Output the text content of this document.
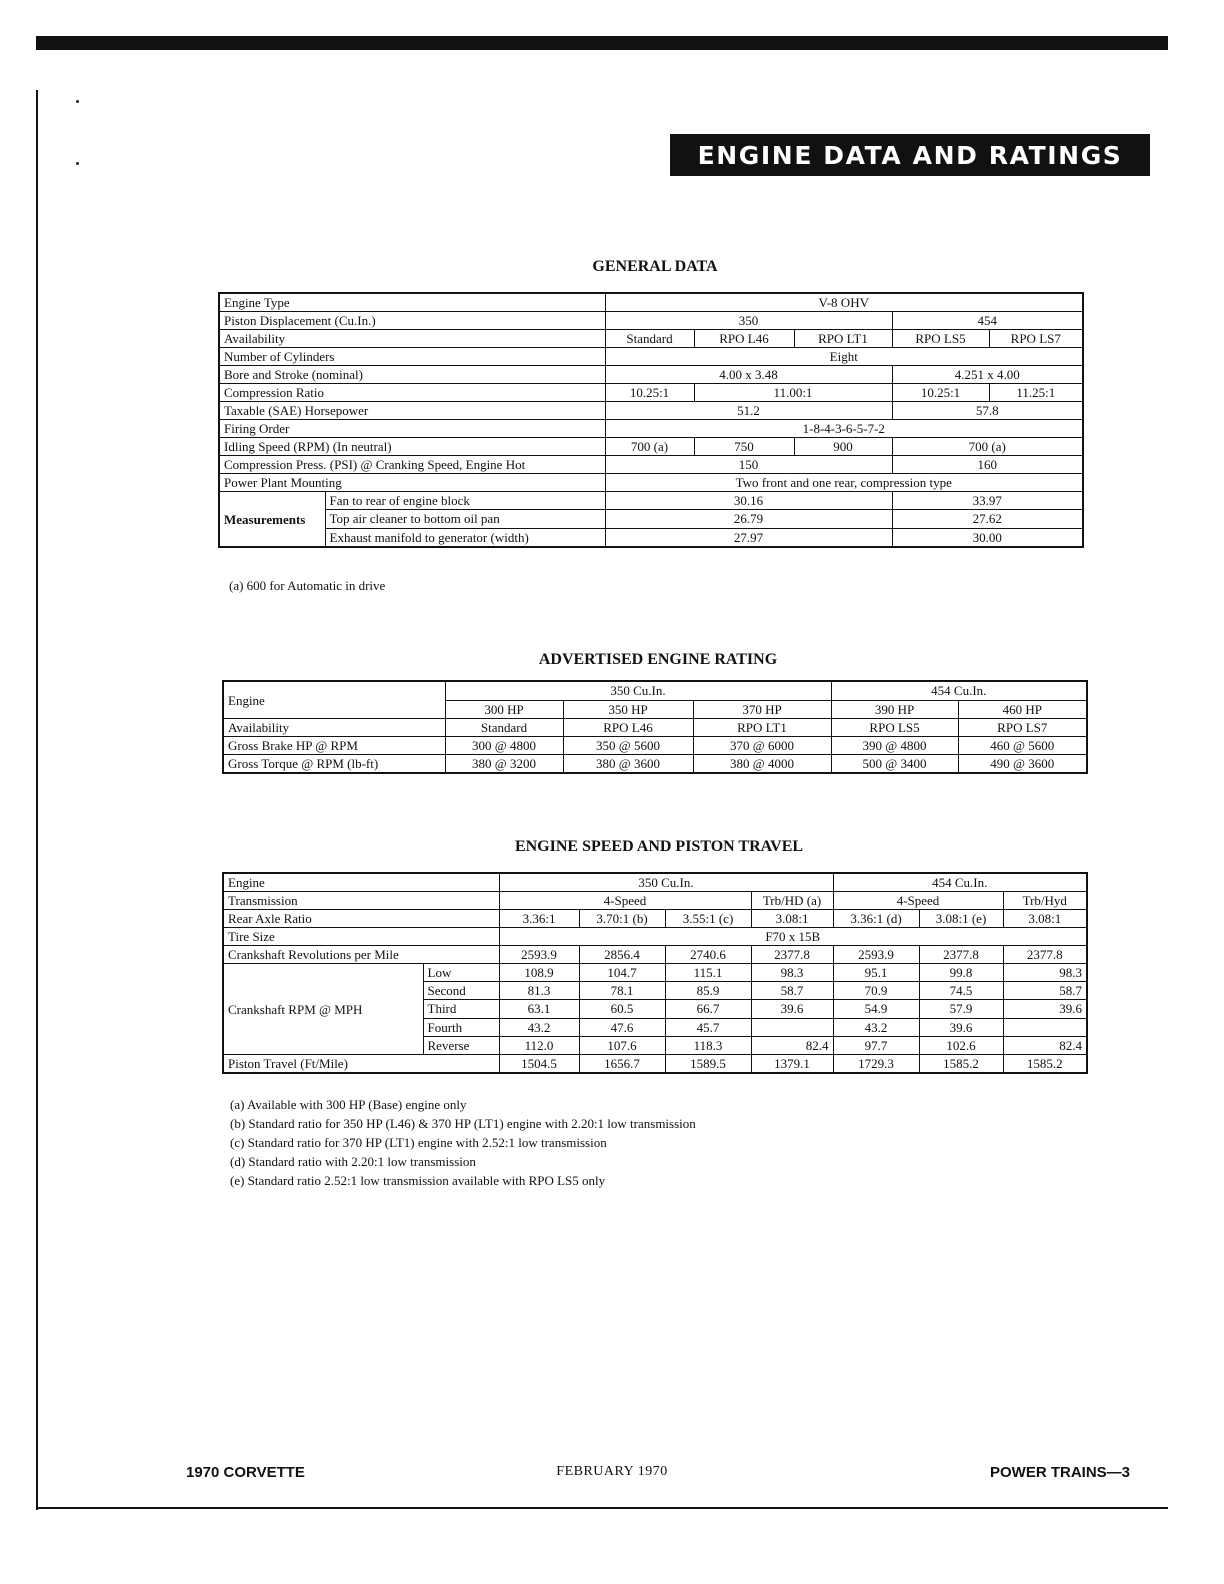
ENGINE DATA AND RATINGS
GENERAL DATA
Engine Type		V-8 OHV				
Piston Displacement (Cu.In.)		350			454	
Availability		Standard	RPO L46	RPO LT1	RPO LS5	RPO LS7
Number of Cylinders		Eight				
Bore and Stroke (nominal)		4.00 x 3.48			4.251 x 4.00	
Compression Ratio		10.25:1	11.00:1		10.25:1	11.25:1
Taxable (SAE) Horsepower		51.2			57.8	
Firing Order		1-8-4-3-6-5-7-2				
Idling Speed (RPM) (In neutral)		700 (a)	750	900	700 (a)	
Compression Press. (PSI) @ Cranking Speed, Engine Hot		150			160	
Power Plant Mounting		Two front and one rear, compression type				
Measurements	Fan to rear of engine block	30.16			33.97	
	Top air cleaner to bottom oil pan	26.79			27.62	
	Exhaust manifold to generator (width)	27.97			30.00	
(a) 600 for Automatic in drive
ADVERTISED ENGINE RATING
Engine	350 Cu.In.			454 Cu.In.	
	300 HP	350 HP	370 HP	390 HP	460 HP
Availability	Standard	RPO L46	RPO LT1	RPO LS5	RPO LS7
Gross Brake HP @ RPM	300 @ 4800	350 @ 5600	370 @ 6000	390 @ 4800	460 @ 5600
Gross Torque @ RPM (lb-ft)	380 @ 3200	380 @ 3600	380 @ 4000	500 @ 3400	490 @ 3600
ENGINE SPEED AND PISTON TRAVEL
Engine		350 Cu.In.				454 Cu.In.		
Transmission		4-Speed			Trb/HD (a)	4-Speed		Trb/Hyd
Rear Axle Ratio		3.36:1	3.70:1 (b)	3.55:1 (c)	3.08:1	3.36:1 (d)	3.08:1 (e)	3.08:1
Tire Size		F70 x 15B						
Crankshaft Revolutions per Mile		2593.9	2856.4	2740.6	2377.8	2593.9	2377.8	2377.8
Crankshaft RPM @ MPH	Low	108.9	104.7	115.1	98.3	95.1	99.8	98.3
	Second	81.3	78.1	85.9	58.7	70.9	74.5	58.7
	Third	63.1	60.5	66.7	39.6	54.9	57.9	39.6
	Fourth	43.2	47.6	45.7		43.2	39.6	
	Reverse	112.0	107.6	118.3	82.4	97.7	102.6	82.4
Piston Travel (Ft/Mile)		1504.5	1656.7	1589.5	1379.1	1729.3	1585.2	1585.2
(a) Available with 300 HP (Base) engine only
(b) Standard ratio for 350 HP (L46) & 370 HP (LT1) engine with 2.20:1 low transmission
(c) Standard ratio for 370 HP (LT1) engine with 2.52:1 low transmission
(d) Standard ratio with 2.20:1 low transmission
(e) Standard ratio 2.52:1 low transmission available with RPO LS5 only
1970 CORVETTE	FEBRUARY 1970	POWER TRAINS—3
